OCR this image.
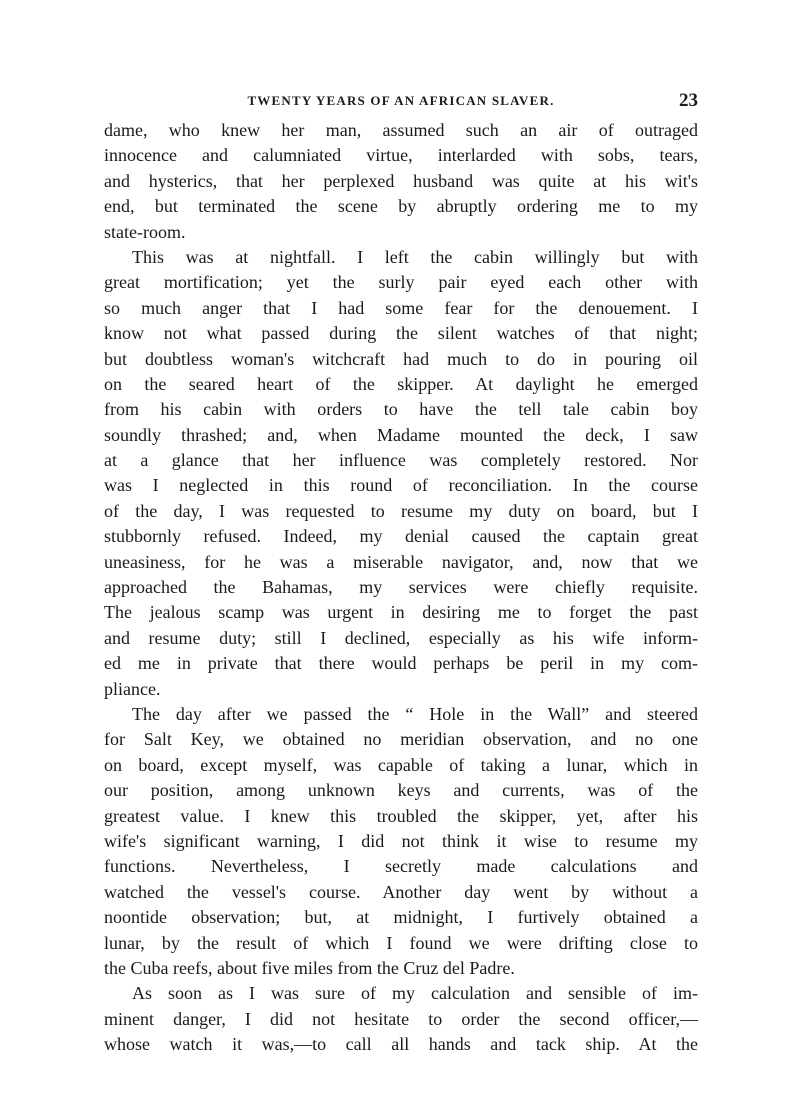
TWENTY YEARS OF AN AFRICAN SLAVER.	23
dame, who knew her man, assumed such an air of outraged
innocence and calumniated virtue, interlarded with sobs, tears,
and hysterics, that her perplexed husband was quite at his wit's
end, but terminated the scene by abruptly ordering me to my
state-room.
This was at nightfall. I left the cabin willingly but with
great mortification; yet the surly pair eyed each other with
so much anger that I had some fear for the denouement. I
know not what passed during the silent watches of that night;
but doubtless woman's witchcraft had much to do in pouring oil
on the seared heart of the skipper. At daylight he emerged
from his cabin with orders to have the tell tale cabin boy
soundly thrashed; and, when Madame mounted the deck, I saw
at a glance that her influence was completely restored. Nor
was I neglected in this round of reconciliation. In the course
of the day, I was requested to resume my duty on board, but I
stubbornly refused. Indeed, my denial caused the captain great
uneasiness, for he was a miserable navigator, and, now that we
approached the Bahamas, my services were chiefly requisite.
The jealous scamp was urgent in desiring me to forget the past
and resume duty; still I declined, especially as his wife inform-
ed me in private that there would perhaps be peril in my com-
pliance.
The day after we passed the “ Hole in the Wall” and steered
for Salt Key, we obtained no meridian observation, and no one
on board, except myself, was capable of taking a lunar, which in
our position, among unknown keys and currents, was of the
greatest value. I knew this troubled the skipper, yet, after his
wife's significant warning, I did not think it wise to resume my
functions. Nevertheless, I secretly made calculations and
watched the vessel's course. Another day went by without a
noontide observation; but, at midnight, I furtively obtained a
lunar, by the result of which I found we were drifting close to
the Cuba reefs, about five miles from the Cruz del Padre.
As soon as I was sure of my calculation and sensible of im-
minent danger, I did not hesitate to order the second officer,—
whose watch it was,—to call all hands and tack ship. At the
